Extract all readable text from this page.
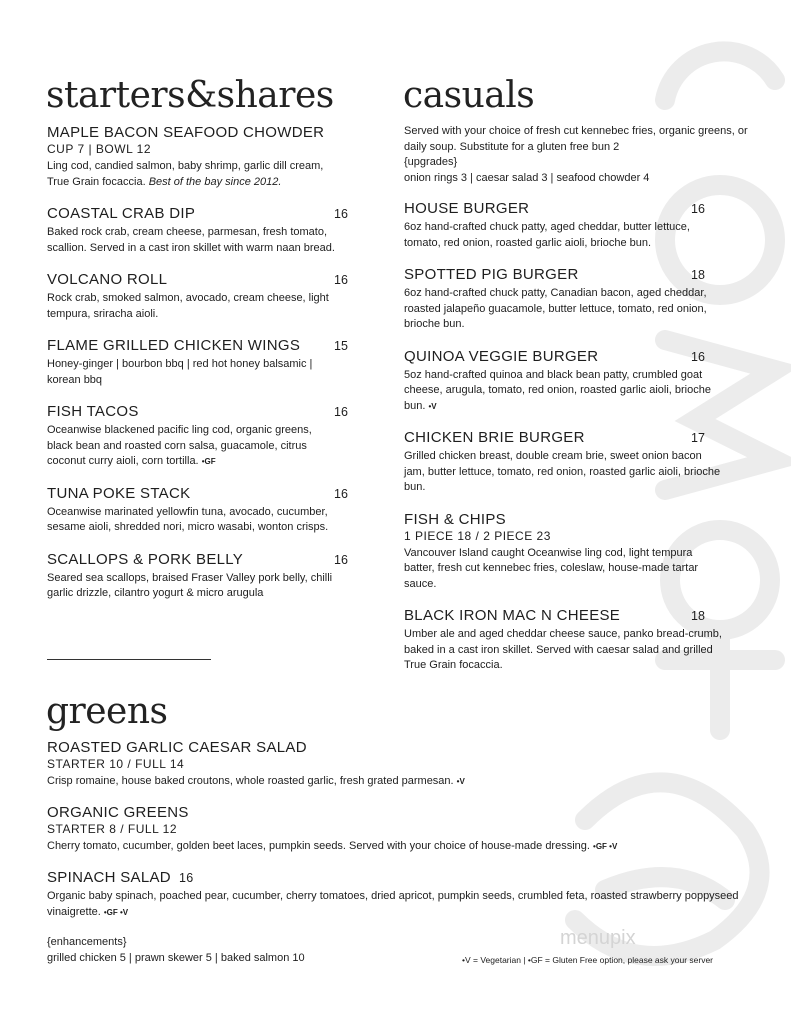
menupix
starters&shares casuals
MAPLE BACON SEAFOOD CHOWDER
CUP 7 | BOWL 12
Ling cod, candied salmon, baby shrimp, garlic dill cream, True Grain focaccia. Best of the bay since 2012.
COASTAL CRAB DIP	16
Baked rock crab, cream cheese, parmesan, fresh tomato, scallion. Served in a cast iron skillet with warm naan bread.
VOLCANO ROLL	16
Rock crab, smoked salmon, avocado, cream cheese, light tempura, sriracha aioli.
FLAME GRILLED CHICKEN WINGS	15
Honey-ginger | bourbon bbq | red hot honey balsamic | korean bbq
FISH TACOS	16
Oceanwise blackened pacific ling cod, organic greens, black bean and roasted corn salsa, guacamole, citrus coconut curry aioli, corn tortilla. •GF
TUNA POKE STACK	16
Oceanwise marinated yellowfin tuna, avocado, cucumber, sesame aioli, shredded nori, micro wasabi, wonton crisps.
SCALLOPS & PORK BELLY	16
Seared sea scallops, braised Fraser Valley pork belly, chilli garlic drizzle, cilantro yogurt & micro arugula
Served with your choice of fresh cut kennebec fries, organic greens, or daily soup. Substitute for a gluten free bun 2
{upgrades}
onion rings 3 | caesar salad 3 | seafood chowder 4
HOUSE BURGER	16
6oz hand-crafted chuck patty, aged cheddar, butter lettuce, tomato, red onion, roasted garlic aioli, brioche bun.
SPOTTED PIG BURGER	18
6oz hand-crafted chuck patty, Canadian bacon, aged cheddar, roasted jalapeño guacamole, butter lettuce, tomato, red onion, brioche bun.
QUINOA VEGGIE BURGER	16
5oz hand-crafted quinoa and black bean patty, crumbled goat cheese, arugula, tomato, red onion, roasted garlic aioli, brioche bun. •V
CHICKEN BRIE BURGER	17
Grilled chicken breast, double cream brie, sweet onion bacon jam, butter lettuce, tomato, red onion, roasted garlic aioli, brioche bun.
FISH & CHIPS
1 PIECE 18 / 2 PIECE 23
Vancouver Island caught Oceanwise ling cod, light tempura batter, fresh cut kennebec fries, coleslaw, house-made tartar sauce.
BLACK IRON MAC N CHEESE	18
Umber ale and aged cheddar cheese sauce, panko bread-crumb, baked in a cast iron skillet. Served with caesar salad and grilled True Grain focaccia.
greens
ROASTED GARLIC CAESAR SALAD
STARTER 10 / FULL 14
Crisp romaine, house baked croutons, whole roasted garlic, fresh grated parmesan. •V
ORGANIC GREENS
STARTER 8 / FULL 12
Cherry tomato, cucumber, golden beet laces, pumpkin seeds. Served with your choice of house-made dressing. •GF •V
SPINACH SALAD 16
Organic baby spinach, poached pear, cucumber, cherry tomatoes, dried apricot, pumpkin seeds, crumbled feta, roasted strawberry poppyseed vinaigrette. •GF •V
{enhancements}
grilled chicken 5 | prawn skewer 5 | baked salmon 10	•V = Vegetarian | •GF = Gluten Free option, please ask your server
